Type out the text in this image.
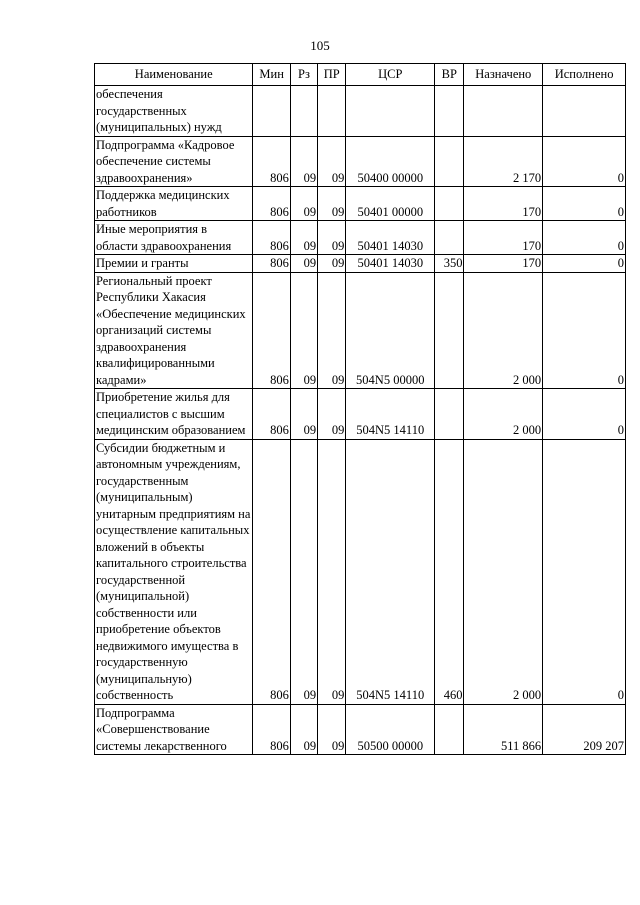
105
Наименование	Мин	Рз	ПР	ЦСР	ВР	Назначено	Исполнено
обеспечения государственных (муниципальных) нужд							
Подпрограмма «Кадровое обеспечение системы здравоохранения»	806	09	09	50400 00000		2 170	0
Поддержка медицинских работников	806	09	09	50401 00000		170	0
Иные мероприятия в области здравоохранения	806	09	09	50401 14030		170	0
Премии и гранты	806	09	09	50401 14030	350	170	0
Региональный проект Республики Хакасия «Обеспечение медицинских организаций системы здравоохранения квалифицированными кадрами»	806	09	09	504N5 00000		2 000	0
Приобретение жилья для специалистов с высшим медицинским образованием	806	09	09	504N5 14110		2 000	0
Субсидии бюджетным и автономным учреждениям, государственным (муниципальным) унитарным предприятиям на осуществление капитальных вложений в объекты капитального строительства государственной (муниципальной) собственности или приобретение объектов недвижимого имущества в государственную (муниципальную) собственность	806	09	09	504N5 14110	460	2 000	0
Подпрограмма «Совершенствование системы лекарственного	806	09	09	50500 00000		511 866	209 207
